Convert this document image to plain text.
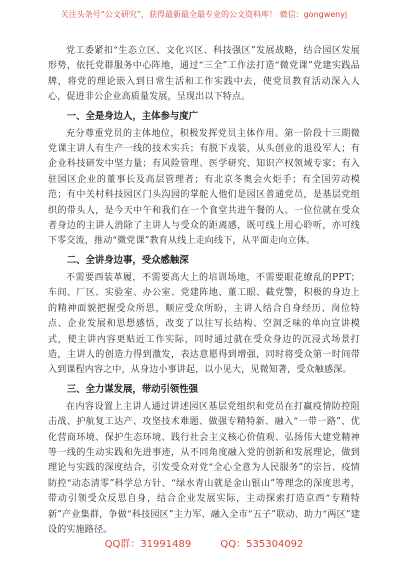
关注头条号“公文研究”，获得最新最全最专业的公文资料库！ 微信：gongwenyj

党工委紧扣“生态立区、文化兴区、科技强区”发展战略，结合园区发展形势，依托党群服务中心阵地，通过“三全”工作法打造“微党课”党建实践品牌，将党的理论嵌入到日常生活和工作实践中去，使党员教育活动深入人心，促进非公企业高质量发展，呈现出以下特点。

一、全是身边人，主体参与度广

充分尊重党员的主体地位，积极发挥党员主体作用。第一阶段十三期微党课主讲人有生产一线的技术实兵；有脱下戎装，从头创业的退役军人；有企业科技研发中坚力量；有风险管理、医学研究、知识产权领域专家；有入驻园区企业的董事长及高层管理者；有北京冬奥会火炬手；有全国劳动模范；有中关村科技园区门头沟园的掌舵人他们是园区普通党员，是基层党组织的带头人，是今天中午和我们在一个食堂共进午餐的人。一位位就在受众者身边的主讲人消除了主讲人与受众的距离感，既可线上用心聆听，亦可线下零交流，推动“微党课”教育从线上走向线下，从平面走向立体。

二、全讲身边事，受众感触深

不需要西装革履，不需要高大上的培训场地，不需要眼花缭乱的PPT；车间、厂区、实验室、办公室、党建阵地、董工眼、截党警，积极的身边上的精神面貌把握受众所思，顺应受众所盼，主讲人结合自身经历、岗位特点、企业发展和思想感悟，改变了以往写长结构、空洞乏味的单向宣讲模式，使主讲内容更贴近工作实际，同时通过就在受众身边的沉浸式场景打造，主讲人的创造力得到激发，表达意愿得到增强，同时将受众第一时间带入到课程内容之中，从身边小事讲起，以小见大，见微知著，受众触感深。

三、全力谋发展，带动引领性强

在内容设置上主讲人通过讲述园区基层党组织和党员在打赢疫情防控阻击战、护航复工达产、攻坚技术难题、做强专精特新、融入“一带一路”、优化营商环境、保护生态环境、践行社会主义核心价值观、弘扬伟大建党精神等一线的生动实践和先进事迹，从不同角度融入党的创新和发展理论，做到理论与实践的深度结合，引发受众对党“全心全意为人民服务”的宗旨、疫情防控“动态清零”科学总方针、“绿水青山就是金山银山”等理念的深度思考，带动引领受众反思自身，结合企业发展实际，主动探索打造京西“专精特新”产业集群，争做“科技园区”主力军、融入全市“五子”联动、助力“两区”建设的实施路径。

QQ群：31991489	QQ：535304092
